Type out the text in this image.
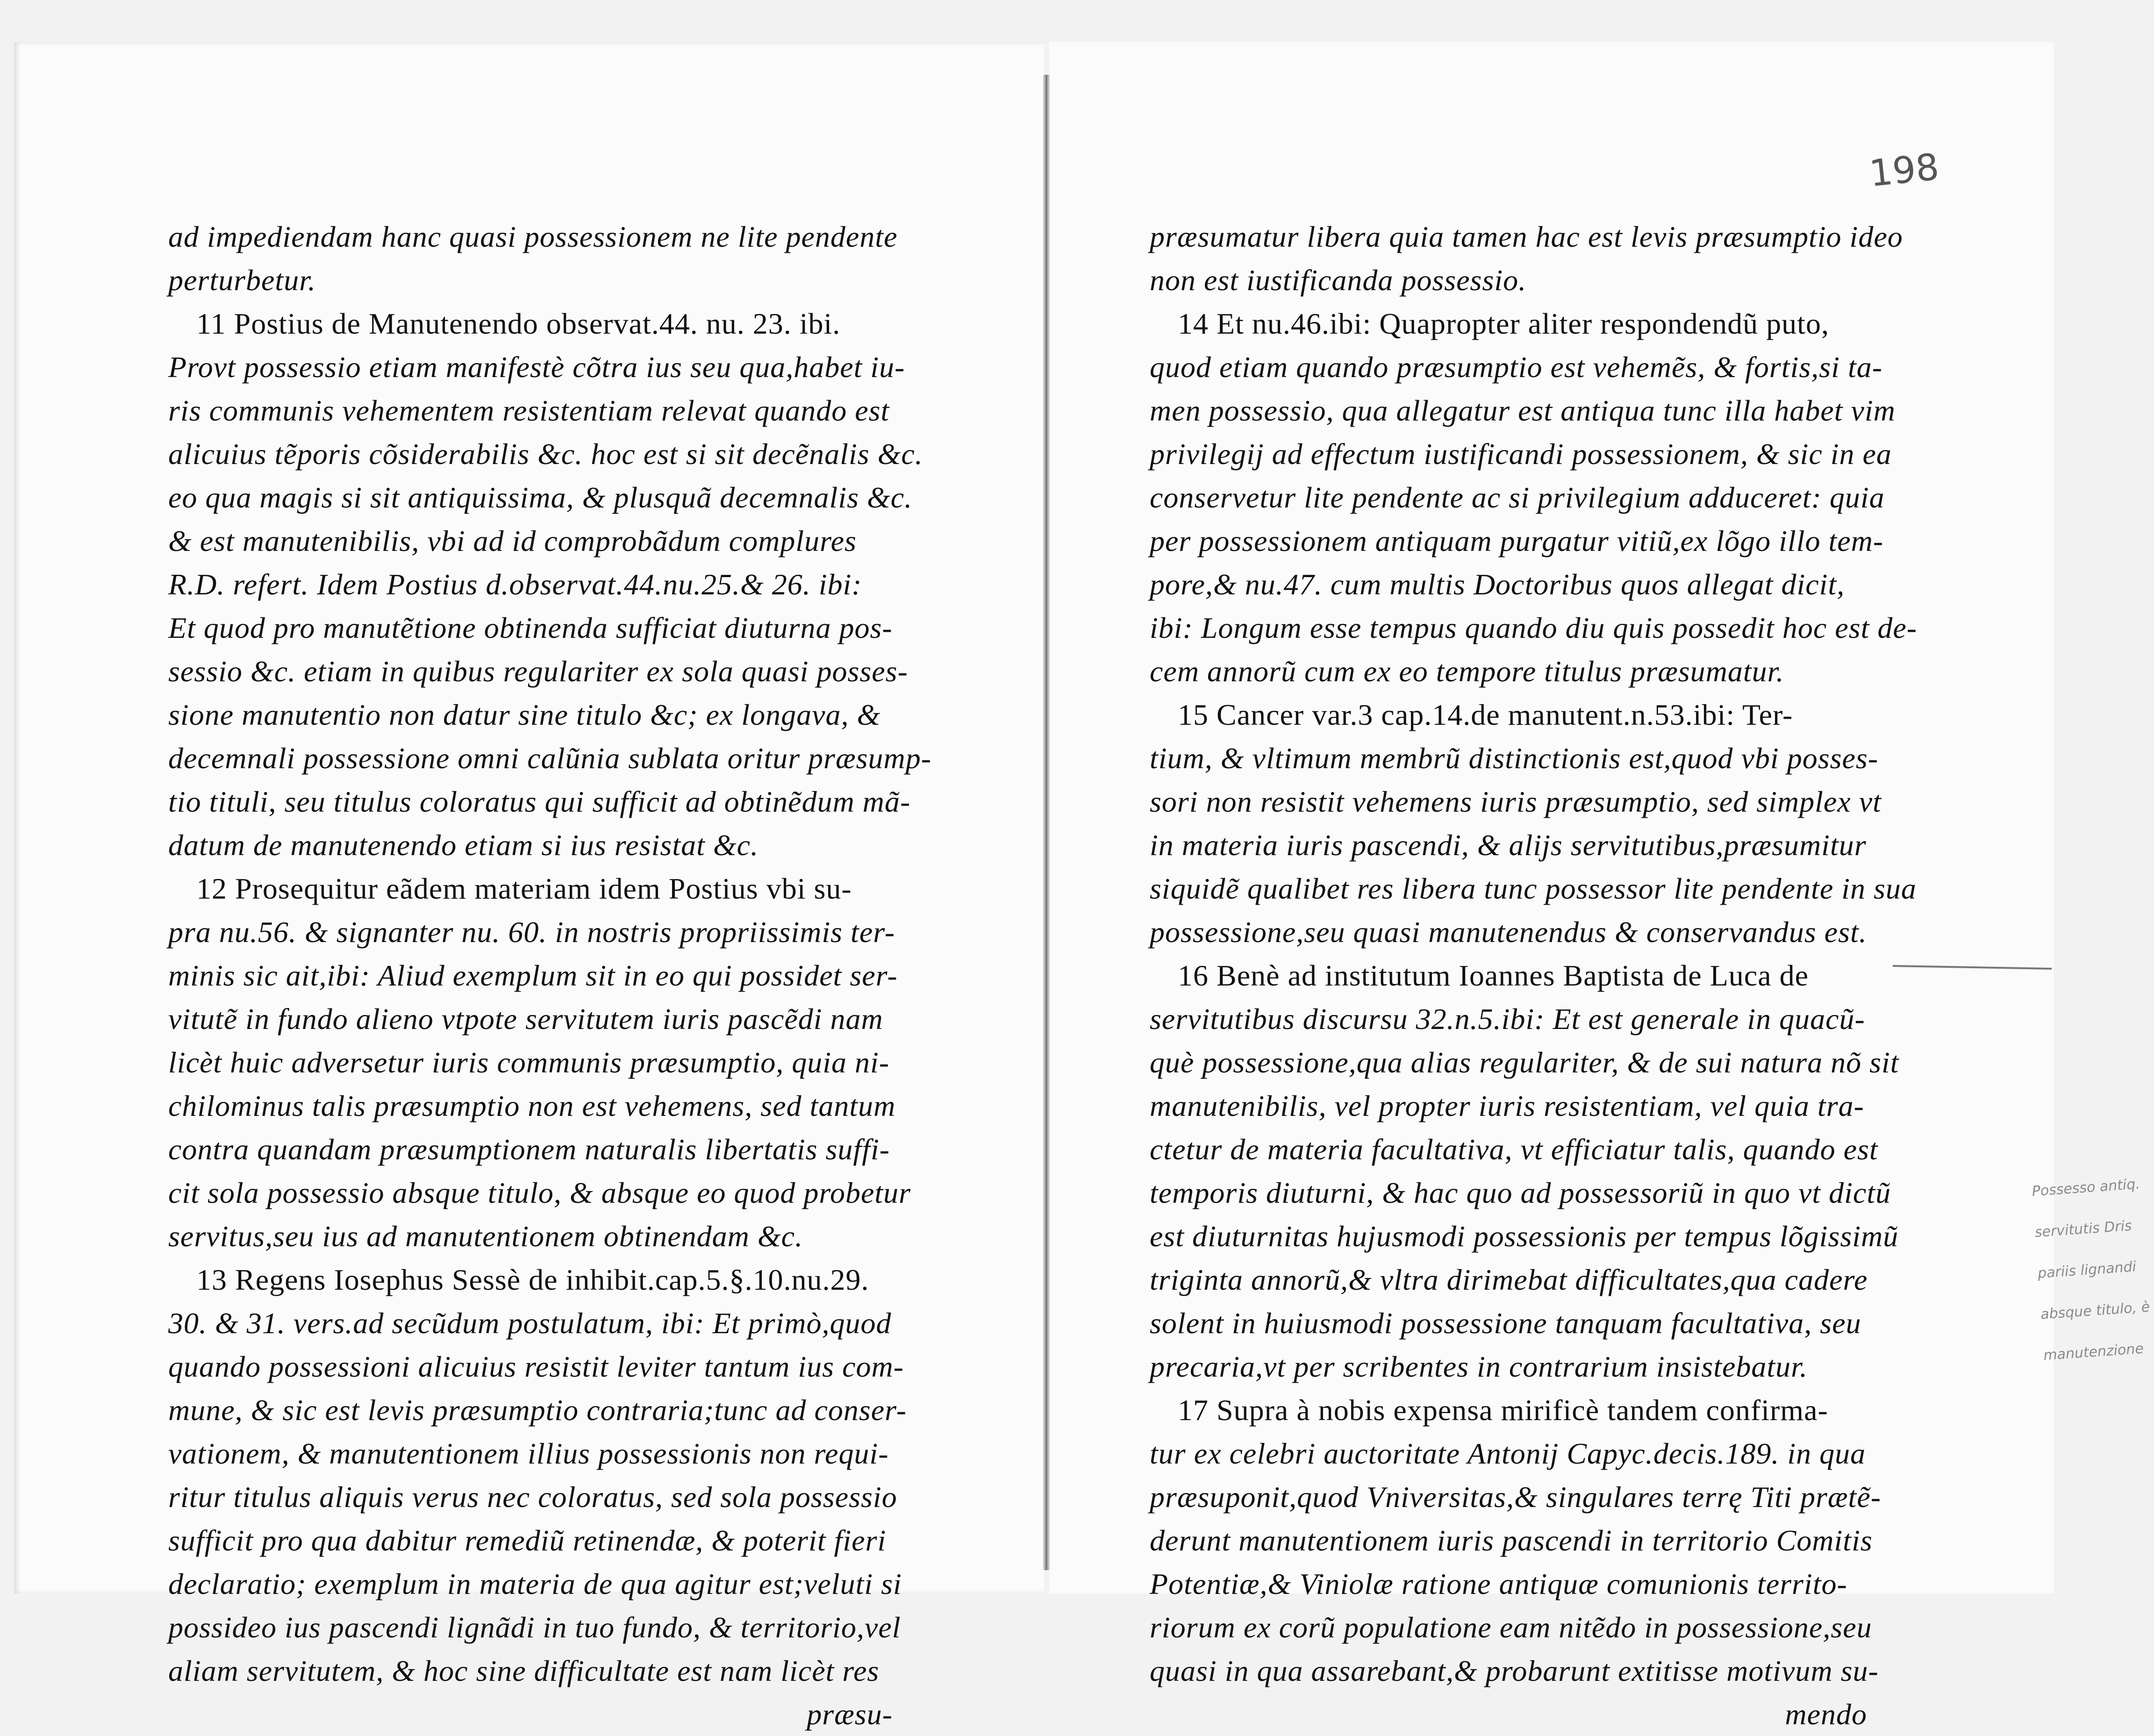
198
ad impediendam hanc quasi possessionem ne lite pendente
perturbetur.
11 Postius de Manutenendo observat.44. nu. 23. ibi.
Provt possessio etiam manifestè cõtra ius seu qua,habet iu-
ris communis vehementem resistentiam relevat quando est
alicuius tẽporis cõsiderabilis &c. hoc est si sit decẽnalis &c.
eo qua magis si sit antiquissima, & plusquã decemnalis &c.
& est manutenibilis, vbi ad id comprobãdum complures
R.D. refert. Idem Postius d.observat.44.nu.25.& 26. ibi:
Et quod pro manutẽtione obtinenda sufficiat diuturna pos-
sessio &c. etiam in quibus regulariter ex sola quasi posses-
sione manutentio non datur sine titulo &c; ex longava, &
decemnali possessione omni calũnia sublata oritur præsump-
tio tituli, seu titulus coloratus qui sufficit ad obtinẽdum mã-
datum de manutenendo etiam si ius resistat &c.
12 Prosequitur eãdem materiam idem Postius vbi su-
pra nu.56. & signanter nu. 60. in nostris propriissimis ter-
minis sic ait,ibi: Aliud exemplum sit in eo qui possidet ser-
vitutẽ in fundo alieno vtpote servitutem iuris pascẽdi nam
licèt huic adversetur iuris communis præsumptio, quia ni-
chilominus talis præsumptio non est vehemens, sed tantum
contra quandam præsumptionem naturalis libertatis suffi-
cit sola possessio absque titulo, & absque eo quod probetur
servitus,seu ius ad manutentionem obtinendam &c.
13 Regens Iosephus Sessè de inhibit.cap.5.§.10.nu.29.
30. & 31. vers.ad secũdum postulatum, ibi: Et primò,quod
quando possessioni alicuius resistit leviter tantum ius com-
mune, & sic est levis præsumptio contraria;tunc ad conser-
vationem, & manutentionem illius possessionis non requi-
ritur titulus aliquis verus nec coloratus, sed sola possessio
sufficit pro qua dabitur remediũ retinendæ, & poterit fieri
declaratio; exemplum in materia de qua agitur est;veluti si
possideo ius pascendi lignãdi in tuo fundo, & territorio,vel
aliam servitutem, & hoc sine difficultate est nam licèt res
præsu-
præsumatur libera quia tamen hac est levis præsumptio ideo
non est iustificanda possessio.
14 Et nu.46.ibi: Quapropter aliter respondendũ puto,
quod etiam quando præsumptio est vehemẽs, & fortis,si ta-
men possessio, qua allegatur est antiqua tunc illa habet vim
privilegij ad effectum iustificandi possessionem, & sic in ea
conservetur lite pendente ac si privilegium adduceret: quia
per possessionem antiquam purgatur vitiũ,ex lõgo illo tem-
pore,& nu.47. cum multis Doctoribus quos allegat dicit,
ibi: Longum esse tempus quando diu quis possedit hoc est de-
cem annorũ cum ex eo tempore titulus præsumatur.
15 Cancer var.3 cap.14.de manutent.n.53.ibi: Ter-
tium, & vltimum membrũ distinctionis est,quod vbi posses-
sori non resistit vehemens iuris præsumptio, sed simplex vt
in materia iuris pascendi, & alijs servitutibus,præsumitur
siquidẽ qualibet res libera tunc possessor lite pendente in sua
possessione,seu quasi manutenendus & conservandus est.
16 Benè ad institutum Ioannes Baptista de Luca de
servitutibus discursu 32.n.5.ibi: Et est generale in quacũ-
què possessione,qua alias regulariter, & de sui natura nõ sit
manutenibilis, vel propter iuris resistentiam, vel quia tra-
ctetur de materia facultativa, vt efficiatur talis, quando est
temporis diuturni, & hac quo ad possessoriũ in quo vt dictũ
est diuturnitas hujusmodi possessionis per tempus lõgissimũ
triginta annorũ,& vltra dirimebat difficultates,qua cadere
solent in huiusmodi possessione tanquam facultativa, seu
precaria,vt per scribentes in contrarium insistebatur.
17 Supra à nobis expensa mirificè tandem confirma-
tur ex celebri auctoritate Antonij Capyc.decis.189. in qua
præsuponit,quod Vniversitas,& singulares terrę Titi prætẽ-
derunt manutentionem iuris pascendi in territorio Comitis
Potentiæ,& Viniolæ ratione antiquæ comunionis territo-
riorum ex corũ populatione eam nitẽdo in possessione,seu
quasi in qua assarebant,& probarunt extitisse motivum su-
mendo
Possesso antiq.
servitutis Dris
pariis lignandi
absque titulo, è
manutenzione
